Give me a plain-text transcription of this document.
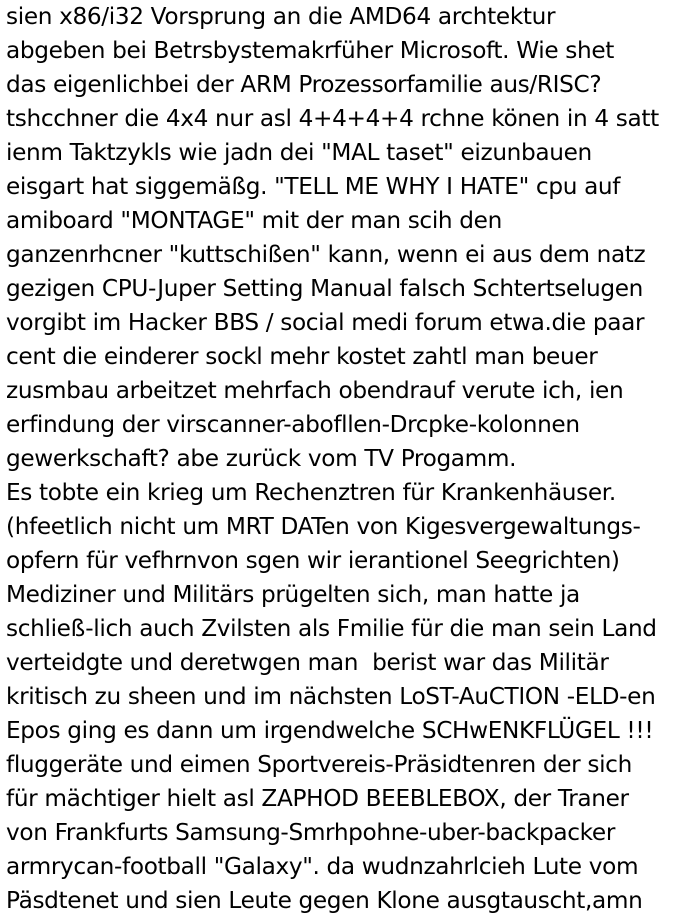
sien x86/i32 Vorsprung an die AMD64 archtektur
abgeben bei Betrsbystemakrfüher Microsoft. Wie shet
das eigenlichbei der ARM Prozessorfamilie aus/RISC?
tshcchner die 4x4 nur asl 4+4+4+4 rchne könen in 4 satt
ienm Taktzykls wie jadn dei "MAL taset" eizunbauen
eisgart hat siggemäßg. "TELL ME WHY I HATE" cpu auf
amiboard "MONTAGE" mit der man scih den
ganzenrhcner "kuttschißen" kann, wenn ei aus dem natz
gezigen CPU-Juper Setting Manual falsch Schtertselugen
vorgibt im Hacker BBS / social medi forum etwa.die paar
cent die einderer sockl mehr kostet zahtl man beuer
zusmbau arbeitzet mehrfach obendrauf verute ich, ien
erfindung der virscanner-abofllen-Drcpke-kolonnen
gewerkschaft? abe zurück vom TV Progamm.
Es tobte ein krieg um Rechenztren für Krankenhäuser.
(hfeetlich nicht um MRT DATen von Kigesvergewaltungs-
opfern für vefhrnvon sgen wir ierantionel Seegrichten)
Mediziner und Militärs prügelten sich, man hatte ja
schließ-lich auch Zvilsten als Fmilie für die man sein Land
verteidgte und deretwgen man  berist war das Militär
kritisch zu sheen und im nächsten LoST-AuCTION -ELD-en
Epos ging es dann um irgendwelche SCHwENKFLÜGEL !!!
fluggeräte und eimen Sportvereis-Präsidtenren der sich
für mächtiger hielt asl ZAPHOD BEEBLEBOX, der Traner
von Frankfurts Samsung-Smrhpohne-uber-backpacker
armrycan-football "Galaxy". da wudnzahrlcieh Lute vom
Päsdtenet und sien Leute gegen Klone ausgtauscht,amn
